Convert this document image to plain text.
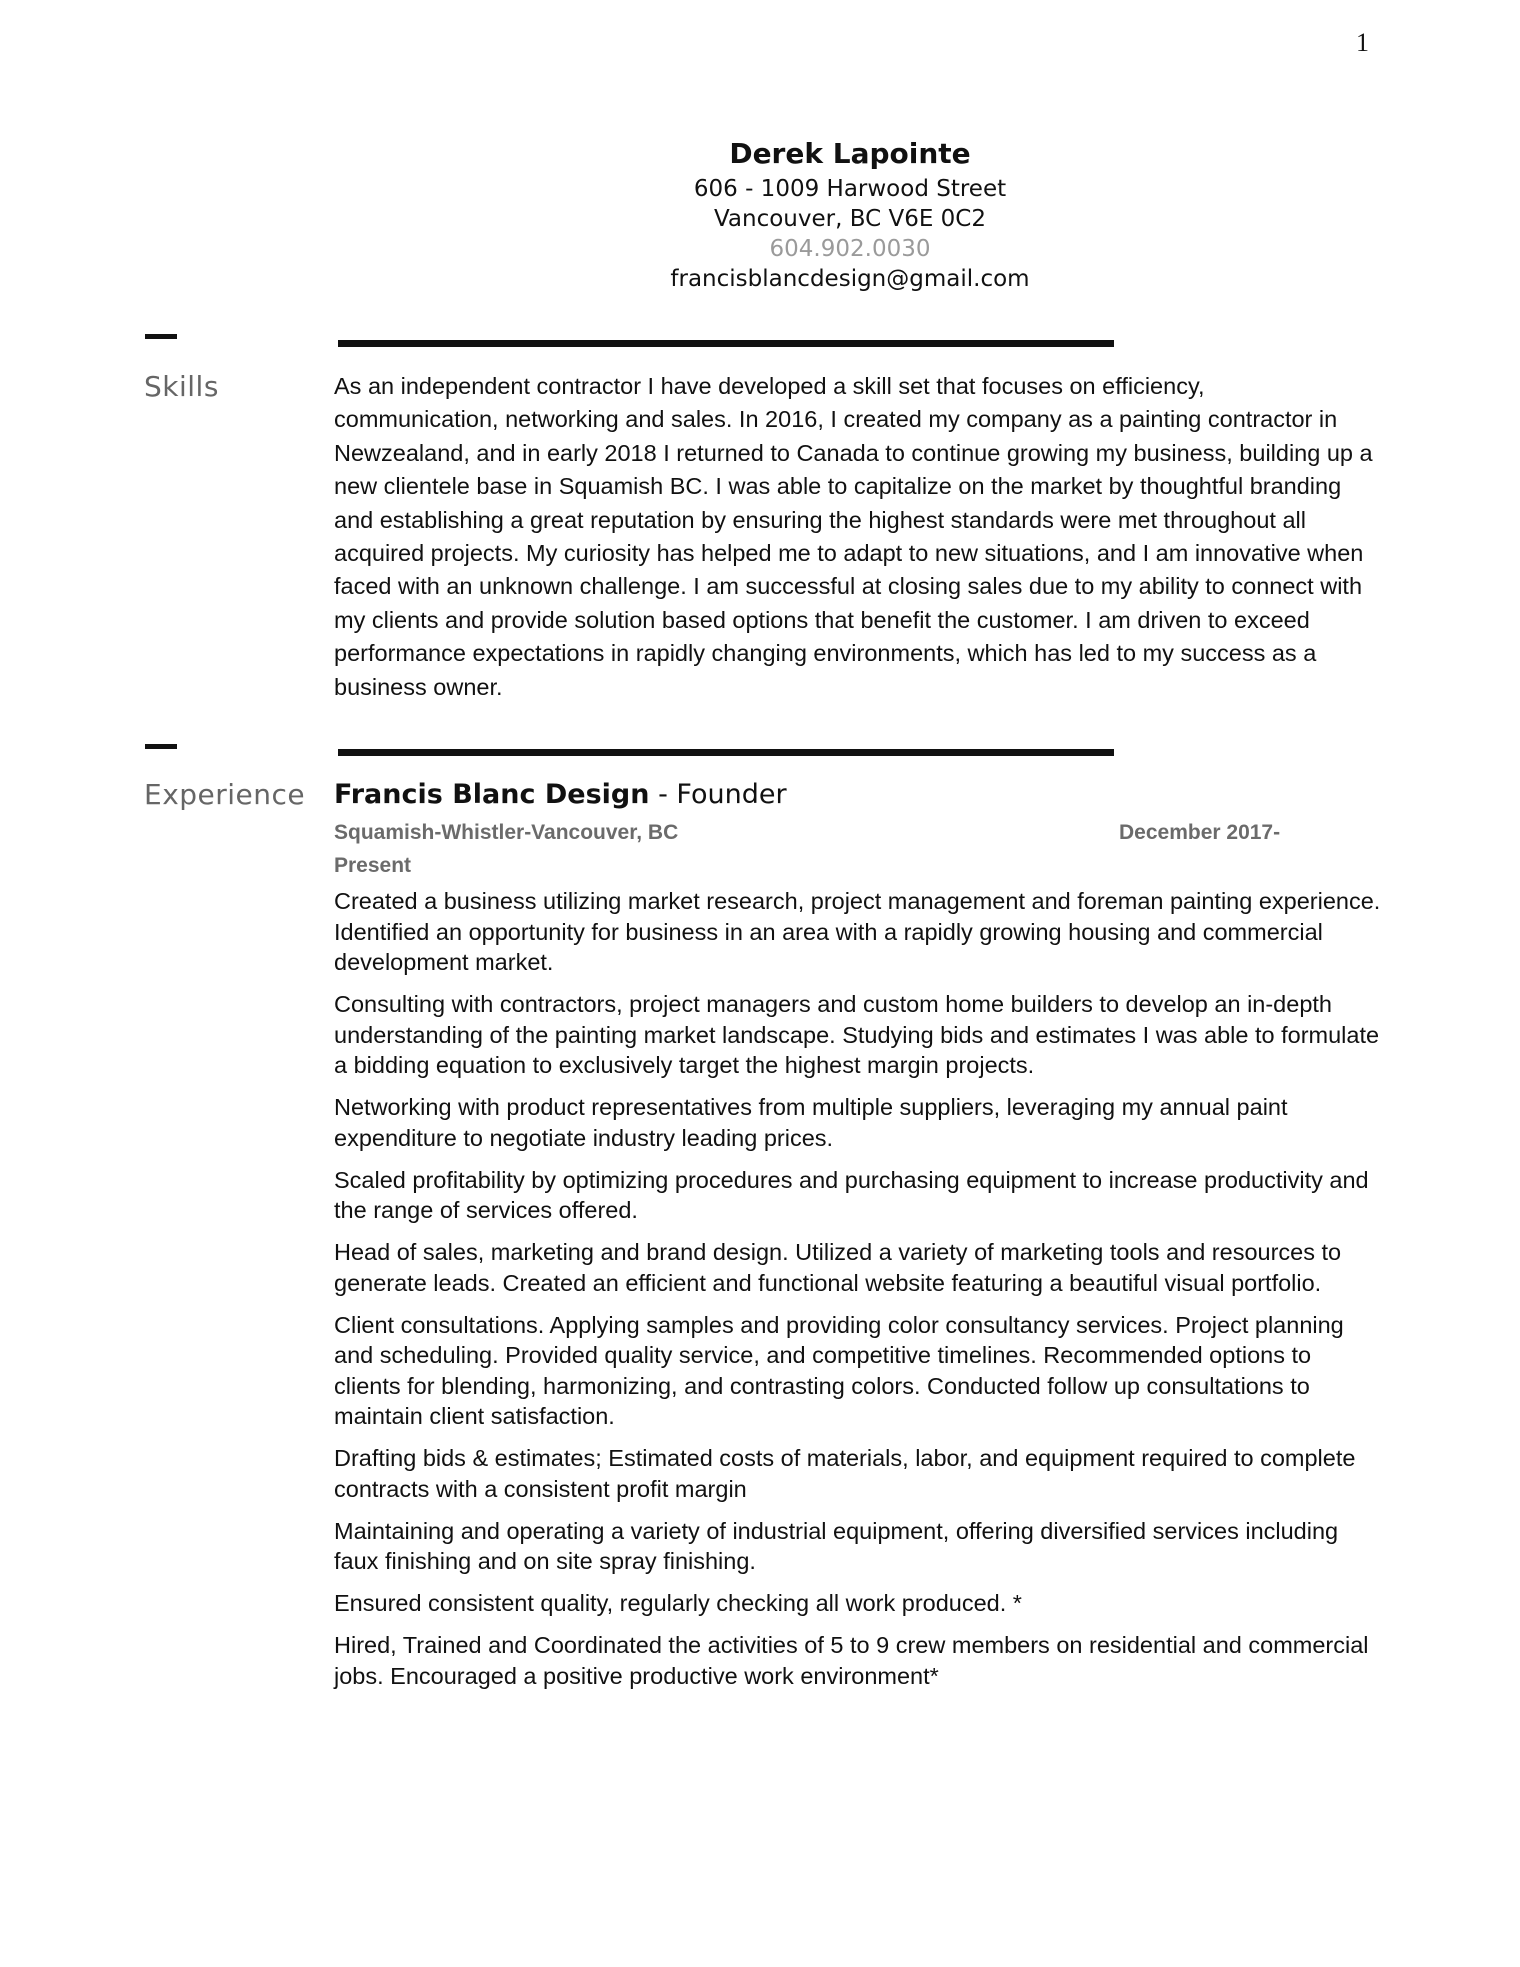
1
Derek Lapointe
606 - 1009 Harwood Street
Vancouver, BC V6E 0C2
604.902.0030
francisblancdesign@gmail.com
Skills	As an independent contractor I have developed a skill set that focuses on efficiency, communication, networking and sales. In 2016, I created my company as a painting contractor in Newzealand, and in early 2018 I returned to Canada to continue growing my business, building up a new clientele base in Squamish BC. I was able to capitalize on the market by thoughtful branding and establishing a great reputation by ensuring the highest standards were met throughout all acquired projects. My curiosity has helped me to adapt to new situations, and I am innovative when faced with an unknown challenge. I am successful at closing sales due to my ability to connect with my clients and provide solution based options that benefit the customer. I am driven to exceed performance expectations in rapidly changing environments, which has led to my success as a business owner.
Experience Francis Blanc Design - Founder
Squamish-Whistler-Vancouver, BC	December 2017-
Present
Created a business utilizing market research, project management and foreman painting experience. Identified an opportunity for business in an area with a rapidly growing housing and commercial development market.
Consulting with contractors, project managers and custom home builders to develop an in-depth understanding of the painting market landscape. Studying bids and estimates I was able to formulate a bidding equation to exclusively target the highest margin projects.
Networking with product representatives from multiple suppliers, leveraging my annual paint expenditure to negotiate industry leading prices.
Scaled profitability by optimizing procedures and purchasing equipment to increase productivity and the range of services offered.
Head of sales, marketing and brand design. Utilized a variety of marketing tools and resources to generate leads. Created an efficient and functional website featuring a beautiful visual portfolio.
Client consultations. Applying samples and providing color consultancy services. Project planning and scheduling. Provided quality service, and competitive timelines. Recommended options to clients for blending, harmonizing, and contrasting colors. Conducted follow up consultations to maintain client satisfaction.
Drafting bids & estimates; Estimated costs of materials, labor, and equipment required to complete contracts with a consistent profit margin
Maintaining and operating a variety of industrial equipment, offering diversified services including faux finishing and on site spray finishing.
Ensured consistent quality, regularly checking all work produced. *
Hired, Trained and Coordinated the activities of 5 to 9 crew members on residential and commercial jobs. Encouraged a positive productive work environment*
